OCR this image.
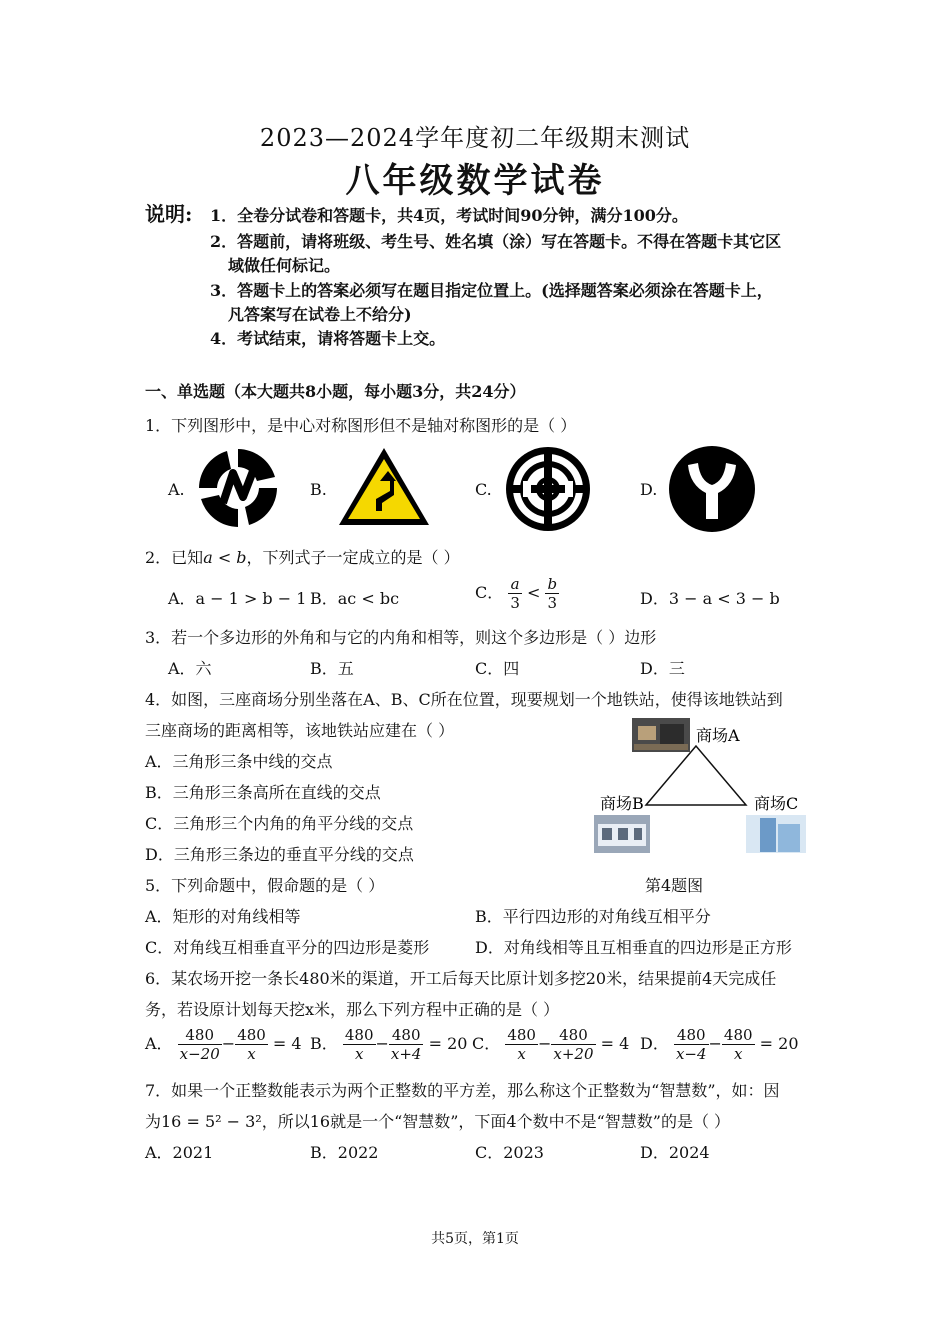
2023—2024学年度初二年级期末测试
八年级数学试卷
说明: 1．全卷分试卷和答题卡，共4页，考试时间90分钟，满分100分。
2．答题前，请将班级、考生号、姓名填（涂）写在答题卡。不得在答题卡其它区
域做任何标记。
3．答题卡上的答案必须写在题目指定位置上。(选择题答案必须涂在答题卡上，
凡答案写在试卷上不给分)
4．考试结束，请将答题卡上交。
一、单选题（本大题共8小题，每小题3分，共24分）
1．下列图形中，是中心对称图形但不是轴对称图形的是（ ）
A.	B.	C.	D.
2．已知a < b，下列式子一定成立的是（ ）
A．a − 1 > b − 1 B．ac < bc	C． $\frac{a}{3} < \frac{b}{3}$	D．3 − a < 3 − b
3．若一个多边形的外角和与它的内角和相等，则这个多边形是（ ）边形
A．六	B．五	C．四	D．三
4．如图，三座商场分别坐落在A、B、C所在位置，现要规划一个地铁站，使得该地铁站到
三座商场的距离相等，该地铁站应建在（ ）
A．三角形三条中线的交点
B．三角形三条高所在直线的交点
C．三角形三个内角的角平分线的交点
D．三角形三条边的垂直平分线的交点
商场A
商场B	商场C
第4题图
5．下列命题中，假命题的是（ ）
A．矩形的对角线相等	B．平行四边形的对角线互相平分
C．对角线互相垂直平分的四边形是菱形	D．对角线相等且互相垂直的四边形是正方形
6．某农场开挖一条长480米的渠道，开工后每天比原计划多挖20米，结果提前4天完成任
务，若设原计划每天挖x米，那么下列方程中正确的是（ ）
A． $\frac{480}{x-20} - \frac{480}{x} = 4$ B． $\frac{480}{x} - \frac{480}{x+4} = 20$ C． $\frac{480}{x} - \frac{480}{x+20} = 4$ D． $\frac{480}{x-4} - \frac{480}{x} = 20$
7．如果一个正整数能表示为两个正整数的平方差，那么称这个正整数为“智慧数”，如：因
为16 = 5² − 3²，所以16就是一个“智慧数”，下面4个数中不是“智慧数”的是（ ）
A．2021	B．2022	C．2023	D．2024
共5页，第1页
